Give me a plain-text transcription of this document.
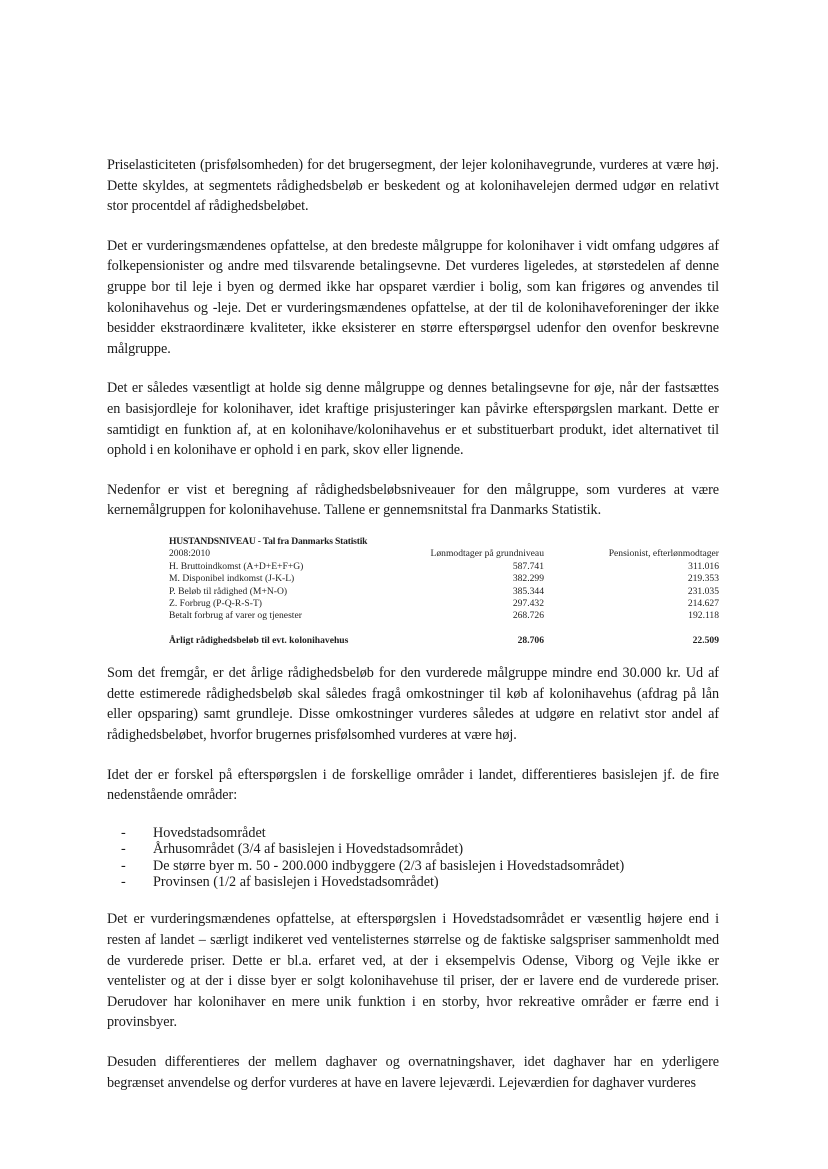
Priselasticiteten (prisfølsomheden) for det brugersegment, der lejer kolonihavegrunde, vurderes at være høj. Dette skyldes, at segmentets rådighedsbeløb er beskedent og at kolonihavelejen dermed udgør en relativt stor procentdel af rådighedsbeløbet.

Det er vurderingsmændenes opfattelse, at den bredeste målgruppe for kolonihaver i vidt omfang udgøres af folkepensionister og andre med tilsvarende betalingsevne. Det vurderes ligeledes, at størstedelen af denne gruppe bor til leje i byen og dermed ikke har opsparet værdier i bolig, som kan frigøres og anvendes til kolonihavehus og -leje. Det er vurderingsmændenes opfattelse, at der til de kolonihaveforeninger der ikke besidder ekstraordinære kvaliteter, ikke eksisterer en større efterspørgsel udenfor den ovenfor beskrevne målgruppe.

Det er således væsentligt at holde sig denne målgruppe og dennes betalingsevne for øje, når der fastsættes en basisjordleje for kolonihaver, idet kraftige prisjusteringer kan påvirke efterspørgslen markant. Dette er samtidigt en funktion af, at en kolonihave/kolonihavehus er et substituerbart produkt, idet alternativet til ophold i en kolonihave er ophold i en park, skov eller lignende.

Nedenfor er vist et beregning af rådighedsbeløbsniveauer for den målgruppe, som vurderes at være kernemålgruppen for kolonihavehuse. Tallene er gennemsnitstal fra Danmarks Statistik.

HUSTANDSNIVEAU - Tal fra Danmarks Statistik
2008:2010	Lønmodtager på grundniveau	Pensionist, efterlønmodtager
H. Bruttoindkomst (A+D+E+F+G)	587.741	311.016
M. Disponibel indkomst (J-K-L)	382.299	219.353
P. Beløb til rådighed (M+N-O)	385.344	231.035
Z. Forbrug (P-Q-R-S-T)	297.432	214.627
Betalt forbrug af varer og tjenester	268.726	192.118
Årligt rådighedsbeløb til evt. kolonihavehus	28.706	22.509

Som det fremgår, er det årlige rådighedsbeløb for den vurderede målgruppe mindre end 30.000 kr. Ud af dette estimerede rådighedsbeløb skal således fragå omkostninger til køb af kolonihavehus (afdrag på lån eller opsparing) samt grundleje. Disse omkostninger vurderes således at udgøre en relativt stor andel af rådighedsbeløbet, hvorfor brugernes prisfølsomhed vurderes at være høj.

Idet der er forskel på efterspørgslen i de forskellige områder i landet, differentieres basislejen jf. de fire nedenstående områder:

- Hovedstadsområdet
- Århusområdet (3/4 af basislejen i Hovedstadsområdet)
- De større byer m. 50 - 200.000 indbyggere (2/3 af basislejen i Hovedstadsområdet)
- Provinsen (1/2 af basislejen i Hovedstadsområdet)

Det er vurderingsmændenes opfattelse, at efterspørgslen i Hovedstadsområdet er væsentlig højere end i resten af landet – særligt indikeret ved ventelisternes størrelse og de faktiske salgspriser sammenholdt med de vurderede priser. Dette er bl.a. erfaret ved, at der i eksempelvis Odense, Viborg og Vejle ikke er ventelister og at der i disse byer er solgt kolonihavehuse til priser, der er lavere end de vurderede priser. Derudover har kolonihaver en mere unik funktion i en storby, hvor rekreative områder er færre end i provinsbyer.

Desuden differentieres der mellem daghaver og overnatningshaver, idet daghaver har en yderligere begrænset anvendelse og derfor vurderes at have en lavere lejeværdi. Lejeværdien for daghaver vurderes
